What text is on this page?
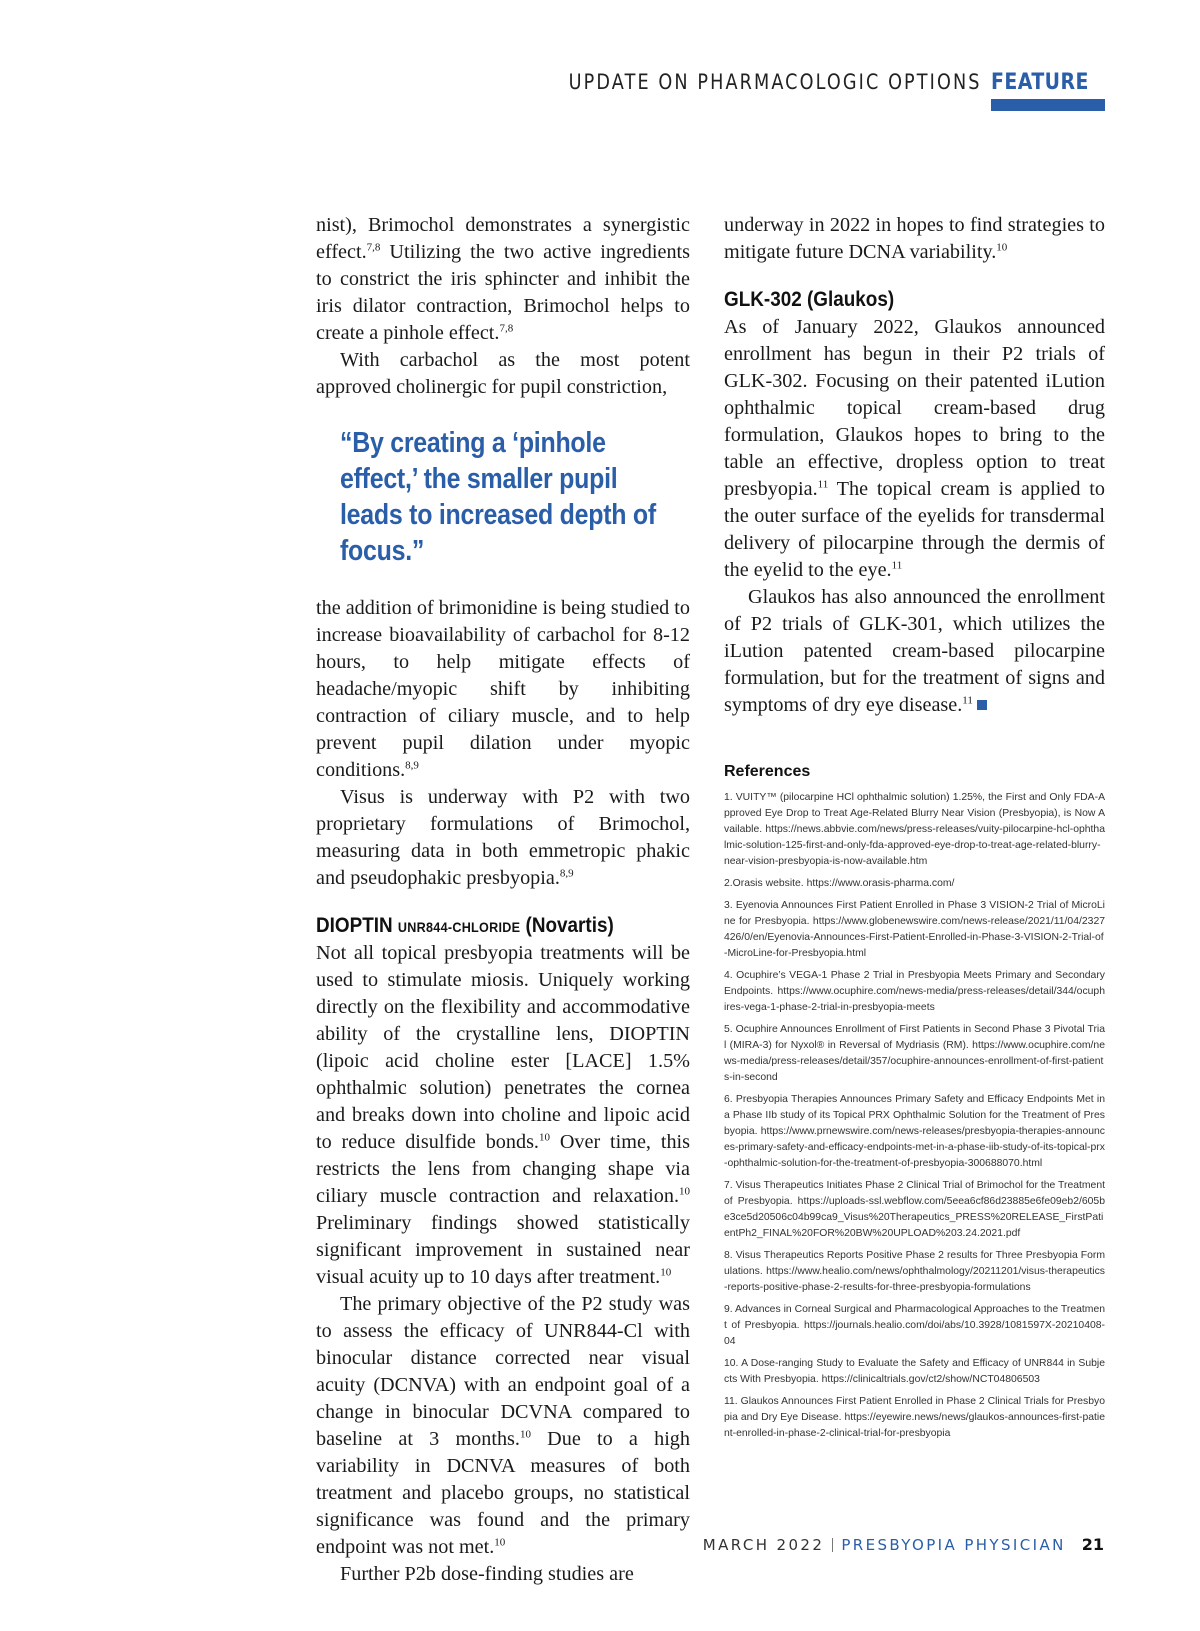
UPDATE ON PHARMACOLOGIC OPTIONS FEATURE

nist), Brimochol demonstrates a synergistic effect.$^{7,8}$ Utilizing the two active ingredients to constrict the iris sphincter and inhibit the iris dilator contraction, Brimochol helps to create a pinhole effect.$^{7,8}$

With carbachol as the most potent approved cholinergic for pupil constriction,

“By creating a ‘pinhole effect,’ the smaller pupil leads to increased depth of focus.”

the addition of brimonidine is being studied to increase bioavailability of carbachol for 8-12 hours, to help mitigate effects of headache/myopic shift by inhibiting contraction of ciliary muscle, and to help prevent pupil dilation under myopic conditions.$^{8,9}$

Visus is underway with P2 with two proprietary formulations of Brimochol, measuring data in both emmetropic phakic and pseudophakic presbyopia.$^{8,9}$

DIOPTIN UNR844-CHLORIDE (Novartis)

Not all topical presbyopia treatments will be used to stimulate miosis. Uniquely working directly on the flexibility and accommodative ability of the crystalline lens, DIOPTIN (lipoic acid choline ester [LACE] 1.5% ophthalmic solution) penetrates the cornea and breaks down into choline and lipoic acid to reduce disulfide bonds.$^{10}$ Over time, this restricts the lens from changing shape via ciliary muscle contraction and relaxation.$^{10}$ Preliminary findings showed statistically significant improvement in sustained near visual acuity up to 10 days after treatment.$^{10}$

The primary objective of the P2 study was to assess the efficacy of UNR844-Cl with binocular distance corrected near visual acuity (DCNVA) with an endpoint goal of a change in binocular DCVNA compared to baseline at 3 months.$^{10}$ Due to a high variability in DCNVA measures of both treatment and placebo groups, no statistical significance was found and the primary endpoint was not met.$^{10}$

Further P2b dose-finding studies are

underway in 2022 in hopes to find strategies to mitigate future DCNA variability.$^{10}$

GLK-302 (Glaukos)

As of January 2022, Glaukos announced enrollment has begun in their P2 trials of GLK-302. Focusing on their patented iLution ophthalmic topical cream-based drug formulation, Glaukos hopes to bring to the table an effective, dropless option to treat presbyopia.$^{11}$ The topical cream is applied to the outer surface of the eyelids for transdermal delivery of pilocarpine through the dermis of the eyelid to the eye.$^{11}$

Glaukos has also announced the enrollment of P2 trials of GLK-301, which utilizes the iLution patented cream-based pilocarpine formulation, but for the treatment of signs and symptoms of dry eye disease.$^{11}$

References

1. VUITY™ (pilocarpine HCl ophthalmic solution) 1.25%, the First and Only FDA-Approved Eye Drop to Treat Age-Related Blurry Near Vision (Presbyopia), is Now Available. https://news.abbvie.com/news/press-releases/vuity-pilocarpine-hcl-ophthalmic-solution-125-first-and-only-fda-approved-eye-drop-to-treat-age-related-blurry-near-vision-presbyopia-is-now-available.htm

2.Orasis website. https://www.orasis-pharma.com/

3. Eyenovia Announces First Patient Enrolled in Phase 3 VISION-2 Trial of MicroLine for Presbyopia. https://www.globenewswire.com/news-release/2021/11/04/2327426/0/en/Eyenovia-Announces-First-Patient-Enrolled-in-Phase-3-VISION-2-Trial-of-MicroLine-for-Presbyopia.html

4. Ocuphire’s VEGA-1 Phase 2 Trial in Presbyopia Meets Primary and Secondary Endpoints. https://www.ocuphire.com/news-media/press-releases/detail/344/ocuphires-vega-1-phase-2-trial-in-presbyopia-meets

5. Ocuphire Announces Enrollment of First Patients in Second Phase 3 Pivotal Trial (MIRA-3) for Nyxol® in Reversal of Mydriasis (RM). https://www.ocuphire.com/news-media/press-releases/detail/357/ocuphire-announces-enrollment-of-first-patients-in-second

6. Presbyopia Therapies Announces Primary Safety and Efficacy Endpoints Met in a Phase IIb study of its Topical PRX Ophthalmic Solution for the Treatment of Presbyopia. https://www.prnewswire.com/news-releases/presbyopia-therapies-announces-primary-safety-and-efficacy-endpoints-met-in-a-phase-iib-study-of-its-topical-prx-ophthalmic-solution-for-the-treatment-of-presbyopia-300688070.html

7. Visus Therapeutics Initiates Phase 2 Clinical Trial of Brimochol for the Treatment of Presbyopia. https://uploads-ssl.webflow.com/5eea6cf86d23885e6fe09eb2/605be3ce5d20506c04b99ca9_Visus%20Therapeutics_PRESS%20RELEASE_FirstPatientPh2_FINAL%20FOR%20BW%20UPLOAD%203.24.2021.pdf

8. Visus Therapeutics Reports Positive Phase 2 results for Three Presbyopia Formulations. https://www.healio.com/news/ophthalmology/20211201/visus-therapeutics-reports-positive-phase-2-results-for-three-presbyopia-formulations

9. Advances in Corneal Surgical and Pharmacological Approaches to the Treatment of Presbyopia. https://journals.healio.com/doi/abs/10.3928/1081597X-20210408-04

10. A Dose-ranging Study to Evaluate the Safety and Efficacy of UNR844 in Subjects With Presbyopia. https://clinicaltrials.gov/ct2/show/NCT04806503

11. Glaukos Announces First Patient Enrolled in Phase 2 Clinical Trials for Presbyopia and Dry Eye Disease. https://eyewire.news/news/glaukos-announces-first-patient-enrolled-in-phase-2-clinical-trial-for-presbyopia

MARCH 2022 PRESBYOPIA PHYSICIAN 21
